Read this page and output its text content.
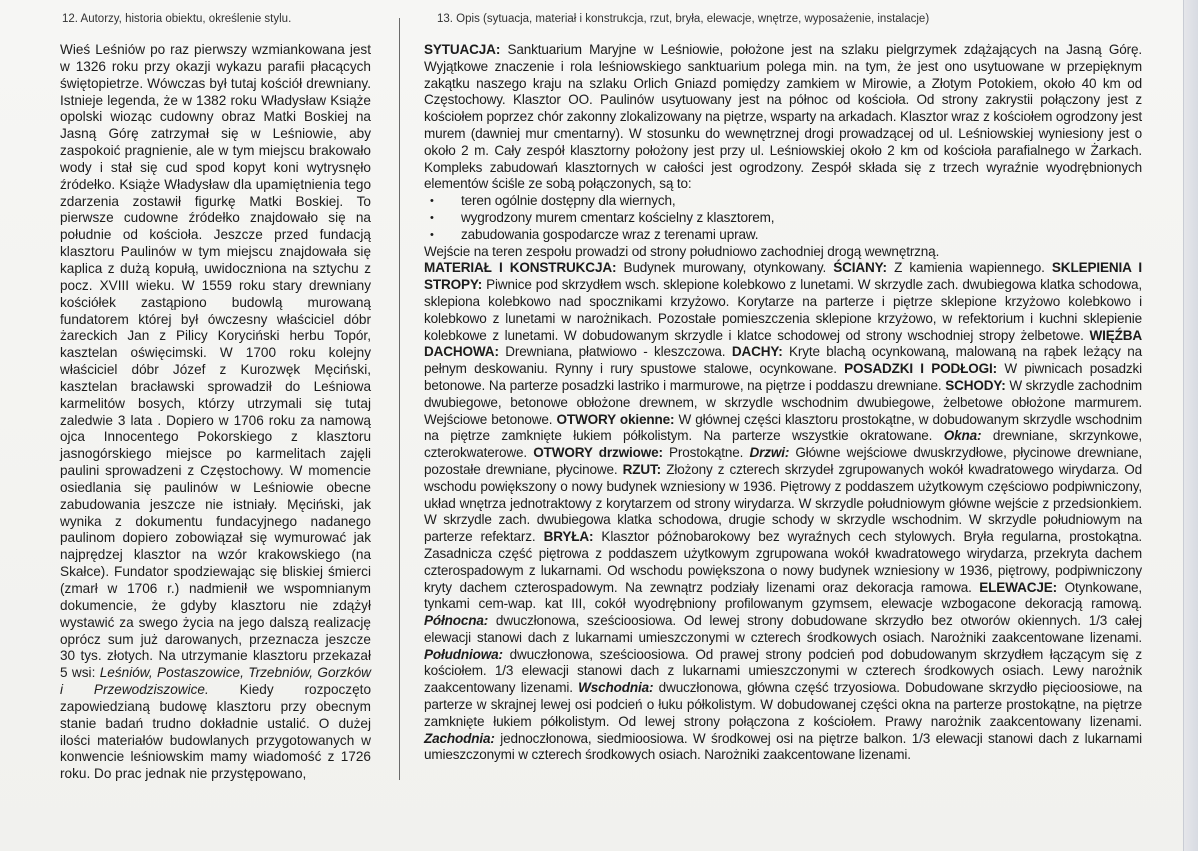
12. Autorzy, historia obiektu, określenie stylu.	13. Opis (sytuacja, materiał i konstrukcja, rzut, bryła, elewacje, wnętrze, wyposażenie, instalacje)

Wieś Leśniów po raz pierwszy wzmiankowana jest w 1326 roku przy okazji wykazu parafii płacących świętopietrze. Wówczas był tutaj kościół drewniany. Istnieje legenda, że w 1382 roku Władysław Książe opolski wioząc cudowny obraz Matki Boskiej na Jasną Górę zatrzymał się w Leśniowie, aby zaspokoić pragnienie, ale w tym miejscu brakowało wody i stał się cud spod kopyt koni wytrysnęło źródełko. Książe Władysław dla upamiętnienia tego zdarzenia zostawił figurkę Matki Boskiej. To pierwsze cudowne źródełko znajdowało się na południe od kościoła. Jeszcze przed fundacją klasztoru Paulinów w tym miejscu znajdowała się kaplica z dużą kopułą, uwidoczniona na sztychu z pocz. XVIII wieku. W 1559 roku stary drewniany kościółek zastąpiono budowlą murowaną fundatorem której był ówczesny właściciel dóbr żareckich Jan z Pilicy Koryciński herbu Topór, kasztelan oświęcimski. W 1700 roku kolejny właściciel dóbr Józef z Kurozwęk Męciński, kasztelan bracławski sprowadził do Leśniowa karmelitów bosych, którzy utrzymali się tutaj zaledwie 3 lata . Dopiero w 1706 roku za namową ojca Innocentego Pokorskiego z klasztoru jasnogórskiego miejsce po karmelitach zajęli paulini sprowadzeni z Częstochowy. W momencie osiedlania się paulinów w Leśniowie obecne zabudowania jeszcze nie istniały. Męciński, jak wynika z dokumentu fundacyjnego nadanego paulinom dopiero zobowiązał się wymurować jak najprędzej klasztor na wzór krakowskiego (na Skałce). Fundator spodziewając się bliskiej śmierci (zmarł w 1706 r.) nadmienił we wspomnianym dokumencie, że gdyby klasztoru nie zdążył wystawić za swego życia na jego dalszą realizację oprócz sum już darowanych, przeznacza jeszcze 30 tys. złotych. Na utrzymanie klasztoru przekazał 5 wsi: Leśniów, Postaszowice, Trzebniów, Gorzków i Przewodziszowice. Kiedy rozpoczęto zapowiedzianą budowę klasztoru przy obecnym stanie badań trudno dokładnie ustalić. O dużej ilości materiałów budowlanych przygotowanych w konwencie leśniowskim mamy wiadomość z 1726 roku. Do prac jednak nie przystępowano,

SYTUACJA: Sanktuarium Maryjne w Leśniowie, położone jest na szlaku pielgrzymek zdążających na Jasną Górę. Wyjątkowe znaczenie i rola leśniowskiego sanktuarium polega min. na tym, że jest ono usytuowane w przepięknym zakątku naszego kraju na szlaku Orlich Gniazd pomiędzy zamkiem w Mirowie, a Złotym Potokiem, około 40 km od Częstochowy. Klasztor OO. Paulinów usytuowany jest na północ od kościoła. Od strony zakrystii połączony jest z kościołem poprzez chór zakonny zlokalizowany na piętrze, wsparty na arkadach. Klasztor wraz z kościołem ogrodzony jest murem (dawniej mur cmentarny). W stosunku do wewnętrznej drogi prowadzącej od ul. Leśniowskiej wyniesiony jest o około 2 m. Cały zespół klasztorny położony jest przy ul. Leśniowskiej około 2 km od kościoła parafialnego w Żarkach. Kompleks zabudowań klasztornych w całości jest ogrodzony. Zespół składa się z trzech wyraźnie wyodrębnionych elementów ściśle ze sobą połączonych, są to:

• teren ogólnie dostępny dla wiernych,
• wygrodzony murem cmentarz kościelny z klasztorem,
• zabudowania gospodarcze wraz z terenami upraw.

Wejście na teren zespołu prowadzi od strony południowo zachodniej drogą wewnętrzną.

MATERIAŁ I KONSTRUKCJA: Budynek murowany, otynkowany. ŚCIANY: Z kamienia wapiennego. SKLEPIENIA I STROPY: Piwnice pod skrzydłem wsch. sklepione kolebkowo z lunetami. W skrzydle zach. dwubiegowa klatka schodowa, sklepiona kolebkowo nad spocznikami krzyżowo. Korytarze na parterze i piętrze sklepione krzyżowo kolebkowo i kolebkowo z lunetami w narożnikach. Pozostałe pomieszczenia sklepione krzyżowo, w refektorium i kuchni sklepienie kolebkowe z lunetami. W dobudowanym skrzydle i klatce schodowej od strony wschodniej stropy żelbetowe. WIĘŹBA DACHOWA: Drewniana, płatwiowo - kleszczowa. DACHY: Kryte blachą ocynkowaną, malowaną na rąbek leżący na pełnym deskowaniu. Rynny i rury spustowe stalowe, ocynkowane. POSADZKI I PODŁOGI: W piwnicach posadzki betonowe. Na parterze posadzki lastriko i marmurowe, na piętrze i poddaszu drewniane. SCHODY: W skrzydle zachodnim dwubiegowe, betonowe obłożone drewnem, w skrzydle wschodnim dwubiegowe, żelbetowe obłożone marmurem. Wejściowe betonowe. OTWORY okienne: W głównej części klasztoru prostokątne, w dobudowanym skrzydle wschodnim na piętrze zamknięte łukiem półkolistym. Na parterze wszystkie okratowane. Okna: drewniane, skrzynkowe, czterokwaterowe. OTWORY drzwiowe: Prostokątne. Drzwi: Główne wejściowe dwuskrzydłowe, płycinowe drewniane, pozostałe drewniane, płycinowe. RZUT: Złożony z czterech skrzydeł zgrupowanych wokół kwadratowego wirydarza. Od wschodu powiększony o nowy budynek wzniesiony w 1936. Piętrowy z poddaszem użytkowym częściowo podpiwniczony, układ wnętrza jednotraktowy z korytarzem od strony wirydarza. W skrzydle południowym główne wejście z przedsionkiem. W skrzydle zach. dwubiegowa klatka schodowa, drugie schody w skrzydle wschodnim. W skrzydle południowym na parterze refektarz. BRYŁA: Klasztor późnobarokowy bez wyraźnych cech stylowych. Bryła regularna, prostokątna. Zasadnicza część piętrowa z poddaszem użytkowym zgrupowana wokół kwadratowego wirydarza, przekryta dachem czterospadowym z lukarnami. Od wschodu powiększona o nowy budynek wzniesiony w 1936, piętrowy, podpiwniczony kryty dachem czterospadowym. Na zewnątrz podziały lizenami oraz dekoracja ramowa. ELEWACJE: Otynkowane, tynkami cem-wap. kat III, cokół wyodrębniony profilowanym gzymsem, elewacje wzbogacone dekoracją ramową. Północna: dwuczłonowa, sześcioosiowa. Od lewej strony dobudowane skrzydło bez otworów okiennych. 1/3 całej elewacji stanowi dach z lukarnami umieszczonymi w czterech środkowych osiach. Narożniki zaakcentowane lizenami. Południowa: dwuczłonowa, sześcioosiowa. Od prawej strony podcień pod dobudowanym skrzydłem łączącym się z kościołem. 1/3 elewacji stanowi dach z lukarnami umieszczonymi w czterech środkowych osiach. Lewy narożnik zaakcentowany lizenami. Wschodnia: dwuczłonowa, główna część trzyosiowa. Dobudowane skrzydło pięcioosiowe, na parterze w skrajnej lewej osi podcień o łuku półkolistym. W dobudowanej części okna na parterze prostokątne, na piętrze zamknięte łukiem półkolistym. Od lewej strony połączona z kościołem. Prawy narożnik zaakcentowany lizenami. Zachodnia: jednoczłonowa, siedmioosiowa. W środkowej osi na piętrze balkon. 1/3 elewacji stanowi dach z lukarnami umieszczonymi w czterech środkowych osiach. Narożniki zaakcentowane lizenami.
